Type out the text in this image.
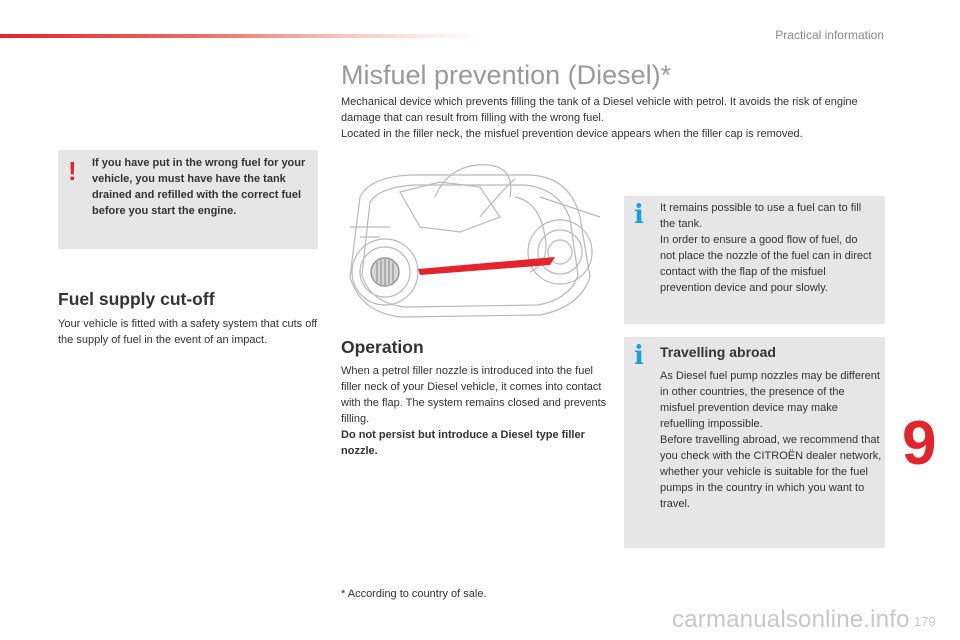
Practical information
Misfuel prevention (Diesel)*
Mechanical device which prevents filling the tank of a Diesel vehicle with petrol. It avoids the risk of engine damage that can result from filling with the wrong fuel.
Located in the filler neck, the misfuel prevention device appears when the filler cap is removed.
! If you have put in the wrong fuel for your vehicle, you must have have the tank drained and refilled with the correct fuel before you start the engine.
Fuel supply cut-off
Your vehicle is fitted with a safety system that cuts off the supply of fuel in the event of an impact.	Operation
When a petrol filler nozzle is introduced into the fuel filler neck of your Diesel vehicle, it comes into contact with the flap. The system remains closed and prevents filling.
Do not persist but introduce a Diesel type filler nozzle.
i It remains possible to use a fuel can to fill the tank.
In order to ensure a good flow of fuel, do not place the nozzle of the fuel can in direct contact with the flap of the misfuel prevention device and pour slowly.
i Travelling abroad
As Diesel fuel pump nozzles may be different in other countries, the presence of the misfuel prevention device may make refuelling impossible.
Before travelling abroad, we recommend that you check with the CITROËN dealer network, whether your vehicle is suitable for the fuel pumps in the country in which you want to travel.
9
* According to country of sale.
carmanualsonline.info 179
